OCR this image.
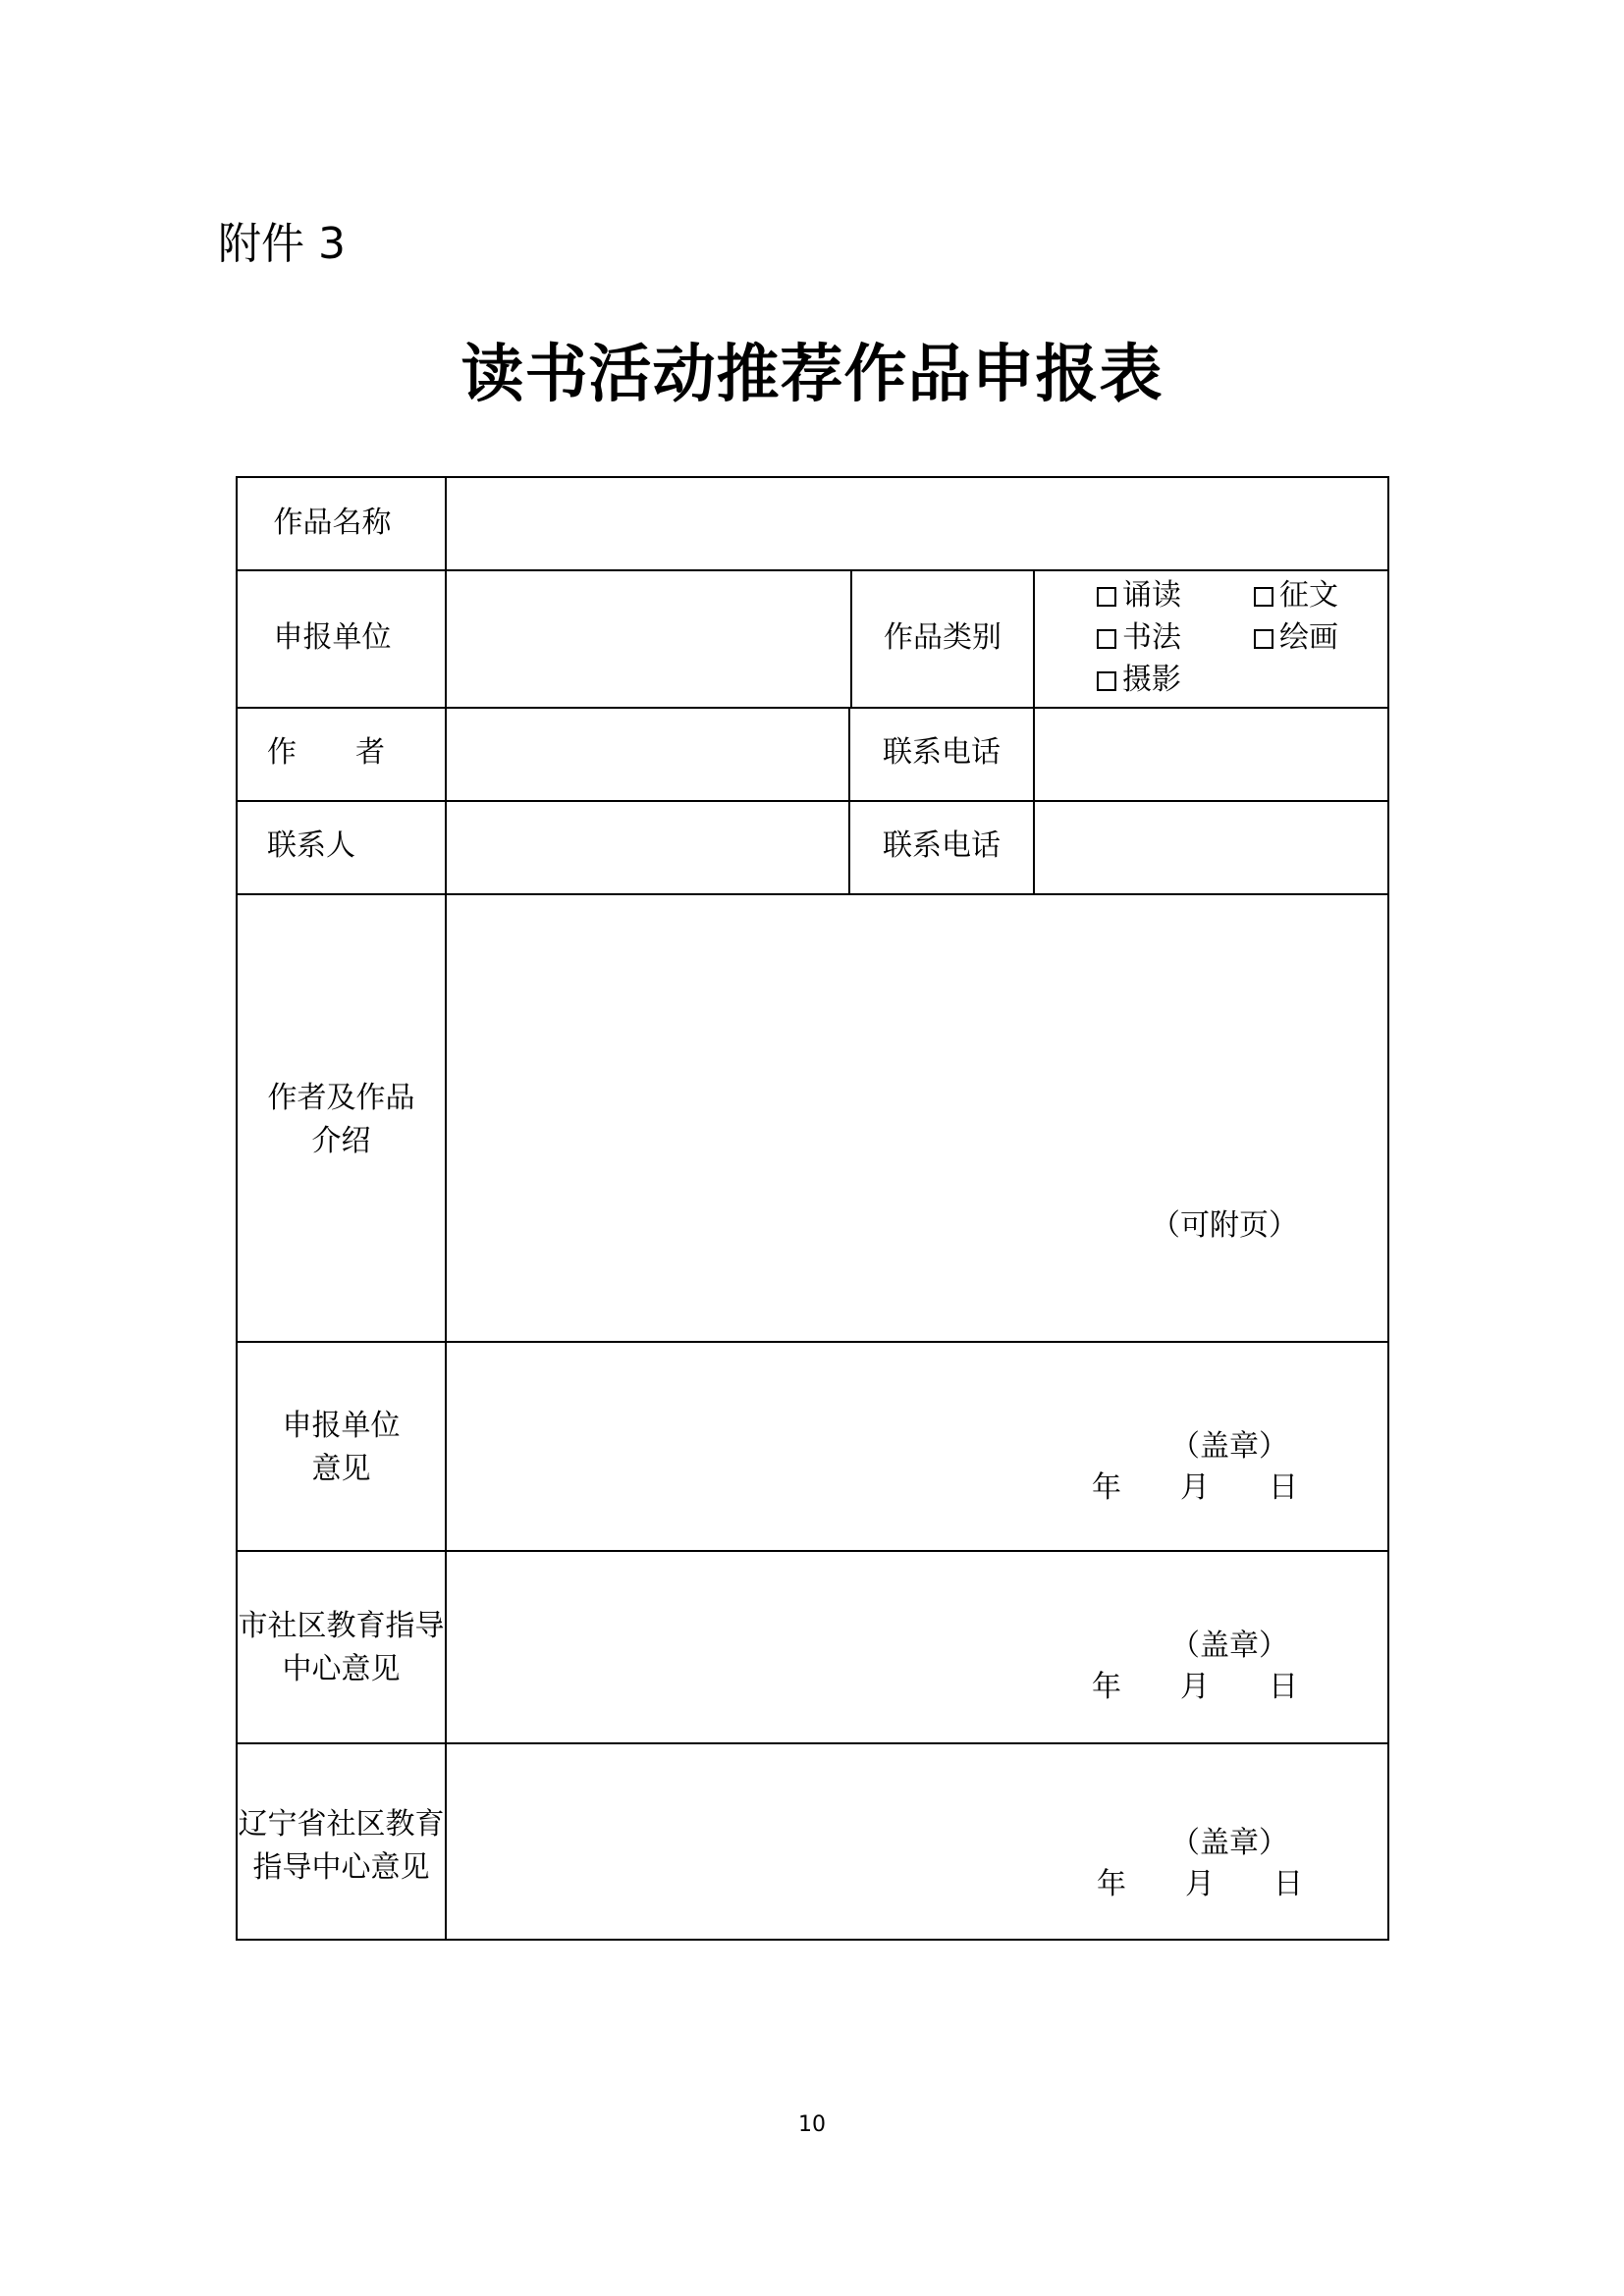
附件 3
读书活动推荐作品申报表
作品名称
申报单位	作品类别
诵读	征文
书法	绘画
摄影
作　　者	联系电话
联系人	联系电话
作者及作品
介绍
（可附页）
申报单位
意见
（盖章）
年　　月　　日
市社区教育指导
中心意见
（盖章）
年　　月　　日
辽宁省社区教育
指导中心意见
（盖章）
年　　月　　日
10
